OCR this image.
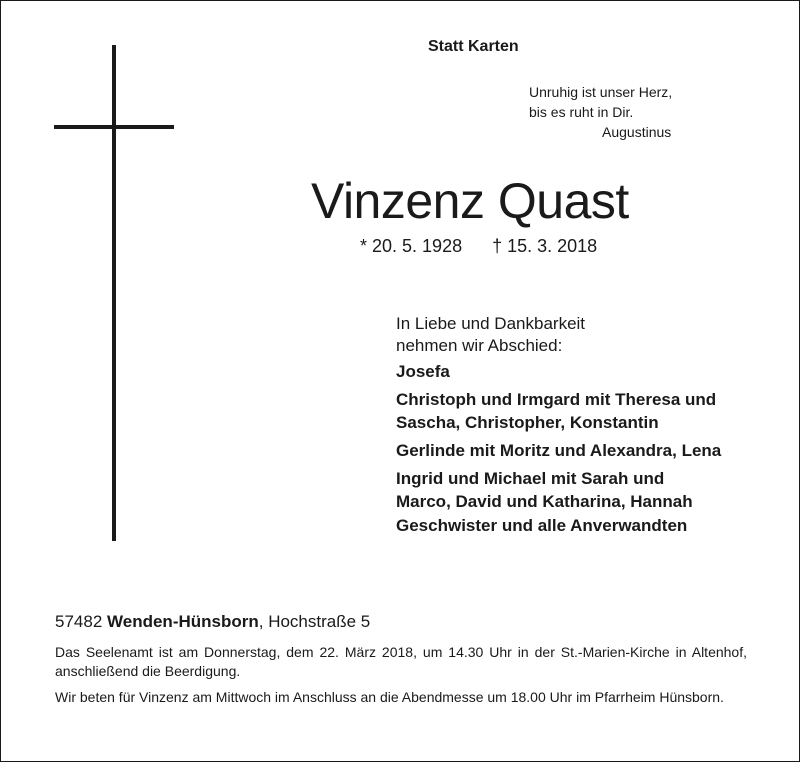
Statt Karten
Unruhig ist unser Herz,
bis es ruht in Dir.
Augustinus
Vinzenz Quast
* 20. 5. 1928 † 15. 3. 2018
In Liebe und Dankbarkeit
nehmen wir Abschied:
Josefa
Christoph und Irmgard mit Theresa und
Sascha, Christopher, Konstantin
Gerlinde mit Moritz und Alexandra, Lena
Ingrid und Michael mit Sarah und
Marco, David und Katharina, Hannah
Geschwister und alle Anverwandten
57482 Wenden-Hünsborn, Hochstraße 5
Das Seelenamt ist am Donnerstag, dem 22. März 2018, um 14.30 Uhr in der St.-Marien-Kirche in Altenhof, anschließend die Beerdigung.
Wir beten für Vinzenz am Mittwoch im Anschluss an die Abendmesse um 18.00 Uhr im Pfarrheim Hünsborn.
